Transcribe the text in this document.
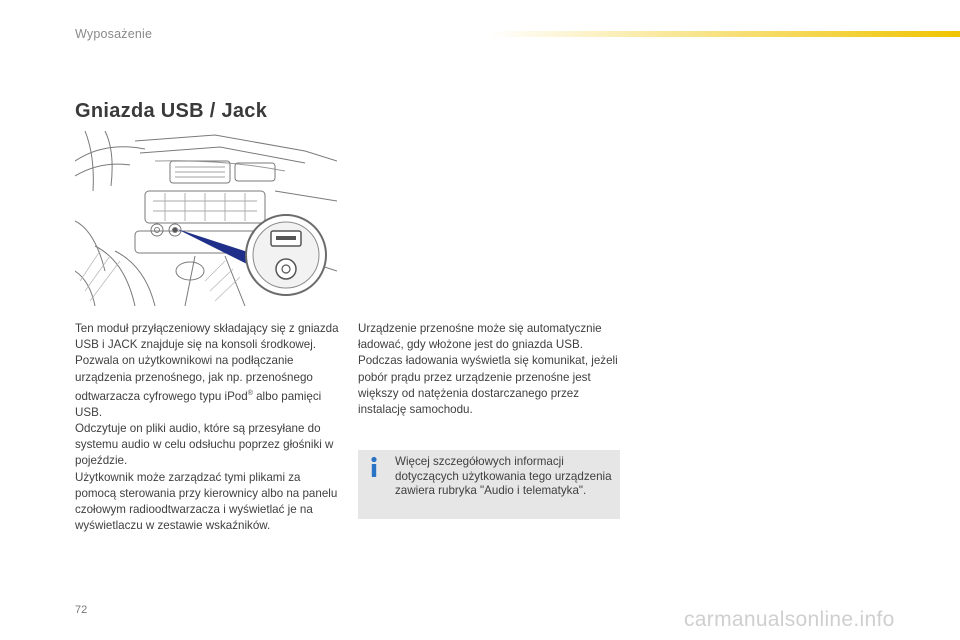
Wyposażenie
Gniazda USB / Jack

Ten moduł przyłączeniowy składający się z gniazda USB i JACK znajduje się na konsoli środkowej.

Pozwala on użytkownikowi na podłączanie urządzenia przenośnego, jak np. przenośnego odtwarzacza cyfrowego typu iPod® albo pamięci USB.

Odczytuje on pliki audio, które są przesyłane do systemu audio w celu odsłuchu poprzez głośniki w pojeździe.

Użytkownik może zarządzać tymi plikami za pomocą sterowania przy kierownicy albo na panelu czołowym radioodtwarzacza i wyświetlać je na wyświetlaczu w zestawie wskaźników.

Urządzenie przenośne może się automatycznie ładować, gdy włożone jest do gniazda USB.

Podczas ładowania wyświetla się komunikat, jeżeli pobór prądu przez urządzenie przenośne jest większy od natężenia dostarczanego przez instalację samochodu.

Więcej szczegółowych informacji dotyczących użytkowania tego urządzenia zawiera rubryka "Audio i telematyka".
72	carmanualsonline.info
